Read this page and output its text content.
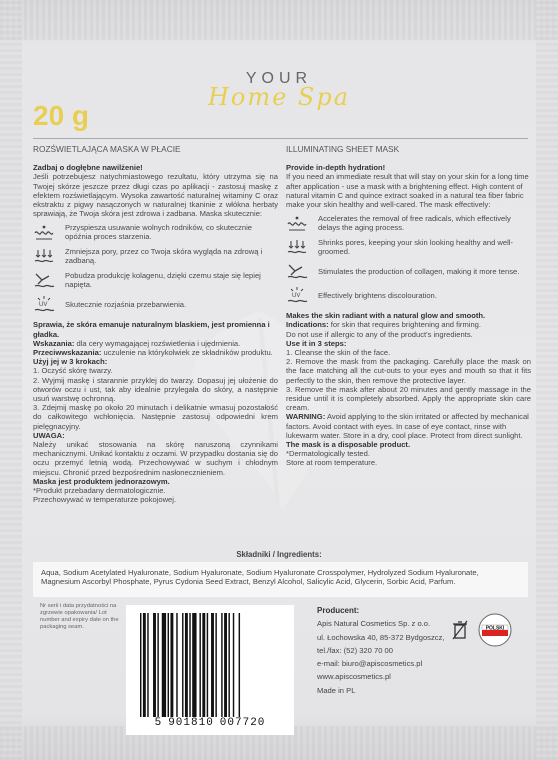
YOUR
Home Spa
20 g
ROZŚWIETLAJĄCA MASKA W PŁACIE
Zadbaj o dogłębne nawilżenie!
Jeśli potrzebujesz natychmiastowego rezultatu, który utrzyma się na Twojej skórze jeszcze przez długi czas po aplikacji - zastosuj maskę z efektem rozświetlającym. Wysoka zawartość naturalnej witaminy C oraz ekstraktu z pigwy nasączonych w naturalnej tkaninie z włókna herbaty sprawiają, że Twoja skóra jest zdrowa i zadbana. Maska skutecznie:
Przyspiesza usuwanie wolnych rodników, co skutecznie opóźnia proces starzenia.
Zmniejsza pory, przez co Twoja skóra wygląda na zdrową i zadbaną.
Pobudza produkcję kolagenu, dzięki czemu staje się lepiej napięta.
UV Skutecznie rozjaśnia przebarwienia.
Sprawia, że skóra emanuje naturalnym blaskiem, jest promienna i gładka.
Wskazania: dla cery wymagającej rozświetlenia i ujędrnienia.
Przeciwwskazania: uczulenie na którykolwiek ze składników produktu.
Użyj jej w 3 krokach:
1. Oczyść skórę twarzy.
2. Wyjmij maskę i starannie przyklej do twarzy. Dopasuj jej ułożenie do otworów oczu i ust, tak aby idealnie przylegała do skóry, a następnie usuń warstwę ochronną.
3. Zdejmij maskę po około 20 minutach i delikatnie wmasuj pozostałość do całkowitego wchłonięcia. Następnie zastosuj odpowiedni krem pielęgnacyjny.
UWAGA:
Należy unikać stosowania na skórę naruszoną czynnikami mechanicznymi. Unikać kontaktu z oczami. W przypadku dostania się do oczu przemyć letnią wodą. Przechowywać w suchym i chłodnym miejscu. Chronić przed bezpośrednim nasłonecznieniem.
Maska jest produktem jednorazowym.
*Produkt przebadany dermatologicznie.
Przechowywać w temperaturze pokojowej.
ILLUMINATING SHEET MASK
Provide in-depth hydration!
If you need an immediate result that will stay on your skin for a long time after application - use a mask with a brightening effect. High content of natural vitamin C and quince extract soaked in a natural tea fiber fabric make your skin healthy and well-cared. The mask effectively:
Accelerates the removal of free radicals, which effectively delays the aging process.
Shrinks pores, keeping your skin looking healthy and well-groomed.
Stimulates the production of collagen, making it more tense.
UV Effectively brightens discolouration.
Makes the skin radiant with a natural glow and smooth.
Indications: for skin that requires brightening and firming.
Do not use if allergic to any of the product's ingredients.
Use it in 3 steps:
1. Cleanse the skin of the face.
2. Remove the mask from the packaging. Carefully place the mask on the face matching all the cut-outs to your eyes and mouth so that it fits perfectly to the skin, then remove the protective layer.
3. Remove the mask after about 20 minutes and gently massage in the residue until it is completely absorbed. Apply the appropriate skin care cream.
WARNING: Avoid applying to the skin irritated or affected by mechanical factors. Avoid contact with eyes. In case of eye contact, rinse with lukewarm water. Store in a dry, cool place. Protect from direct sunlight.
The mask is a disposable product.
*Dermatologically tested.
Store at room temperature.
Składniki / Ingredients:
Aqua, Sodium Acetylated Hyaluronate, Sodium Hyaluronate, Sodium Hyaluronate Crosspolymer, Hydrolyzed Sodium Hyaluronate, Magnesium Ascorbyl Phosphate, Pyrus Cydonia Seed Extract, Benzyl Alcohol, Salicylic Acid, Glycerin, Sorbic Acid, Parfum.
Nr serii i data przydatności na zgrzewie opakowania/ Lot number and expiry date on the packaging seam.
5 901810 007720
Producent:
Apis Natural Cosmetics Sp. z o.o.
ul. Łochowska 40, 85-372 Bydgoszcz,
tel./fax: (52) 320 70 00
e-mail: biuro@apiscosmetics.pl
www.apiscosmetics.pl
Made in PL
POLSKI
